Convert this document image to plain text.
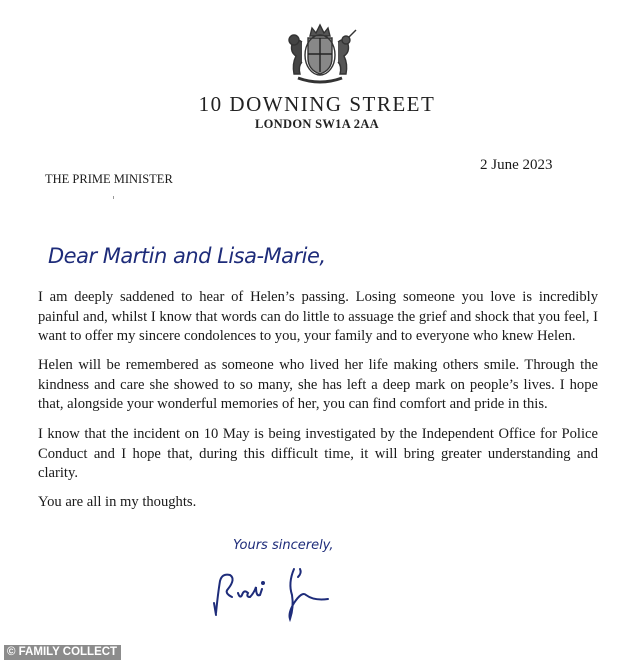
10 DOWNING STREET
LONDON SW1A 2AA
2 June 2023
THE PRIME MINISTER
Dear Martin and Lisa-Marie,

I am deeply saddened to hear of Helen’s passing. Losing someone you love is incredibly painful and, whilst I know that words can do little to assuage the grief and shock that you feel, I want to offer my sincere condolences to you, your family and to everyone who knew Helen.

Helen will be remembered as someone who lived her life making others smile. Through the kindness and care she showed to so many, she has left a deep mark on people’s lives. I hope that, alongside your wonderful memories of her, you can find comfort and pride in this.

I know that the incident on 10 May is being investigated by the Independent Office for Police Conduct and I hope that, during this difficult time, it will bring greater understanding and clarity.

You are all in my thoughts.

Yours sincerely,
© FAMILY COLLECT
